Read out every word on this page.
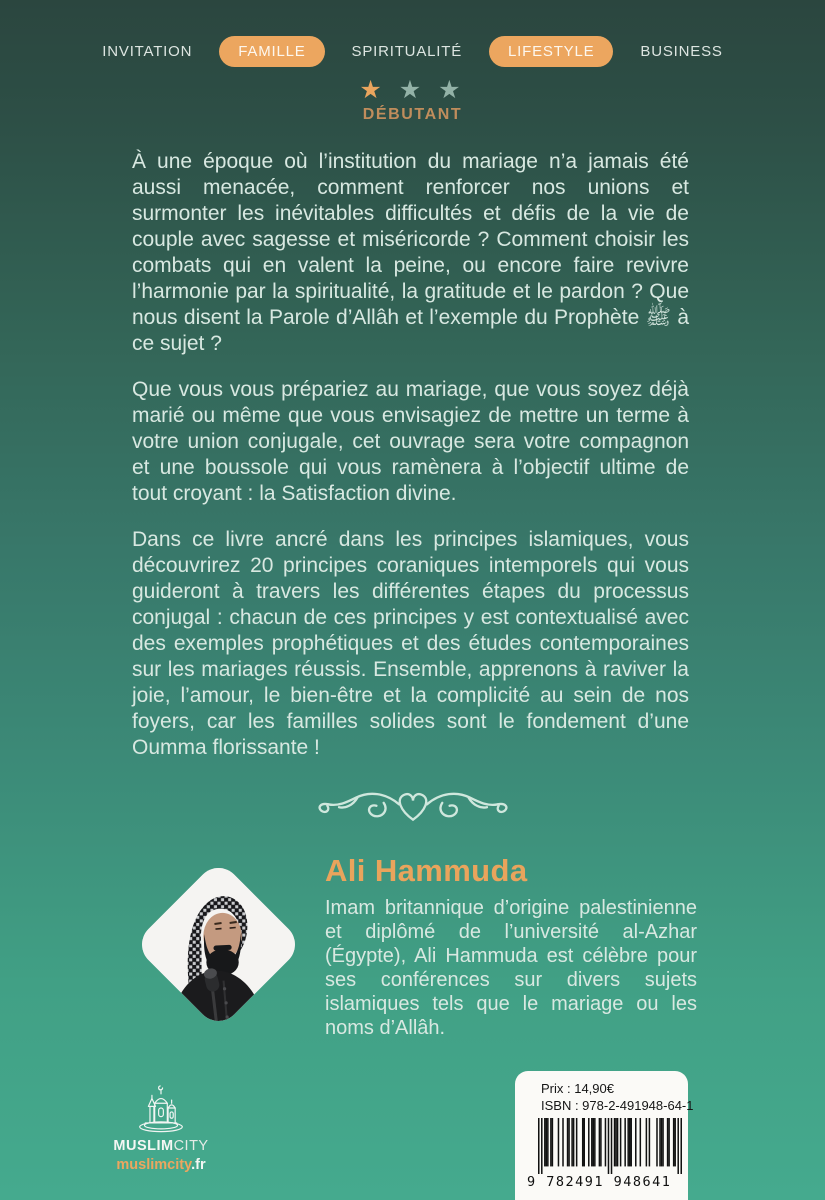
INVITATION	FAMILLE	SPIRITUALITÉ	LIFESTYLE	BUSINESS
★ ★ ★
DÉBUTANT

À une époque où l’institution du mariage n’a jamais été aussi menacée, comment renforcer nos unions et surmonter les inévitables difficultés et défis de la vie de couple avec sagesse et miséricorde ? Comment choisir les combats qui en valent la peine, ou encore faire revivre l’harmonie par la spiritualité, la gratitude et le pardon ? Que nous disent la Parole d’Allâh et l’exemple du Prophète ﷺ à ce sujet ?

Que vous vous prépariez au mariage, que vous soyez déjà marié ou même que vous envisagiez de mettre un terme à votre union conjugale, cet ouvrage sera votre compagnon et une boussole qui vous ramènera à l’objectif ultime de tout croyant : la Satisfaction divine.

Dans ce livre ancré dans les principes islamiques, vous découvrirez 20 principes coraniques intemporels qui vous guideront à travers les différentes étapes du processus conjugal : chacun de ces principes y est contextualisé avec des exemples prophétiques et des études contemporaines sur les mariages réussis. Ensemble, apprenons à raviver la joie, l’amour, le bien-être et la complicité au sein de nos foyers, car les familles solides sont le fondement d’une Oumma florissante !

Ali Hammuda
Imam britannique d’origine palestinienne et diplômé de l’université al-Azhar (Égypte), Ali Hammuda est célèbre pour ses conférences sur divers sujets islamiques tels que le mariage ou les noms d’Allâh.
MUSLIMCITY
muslimcity.fr
Prix : 14,90€
ISBN : 978-2-491948-64-1
9 782491 948641
